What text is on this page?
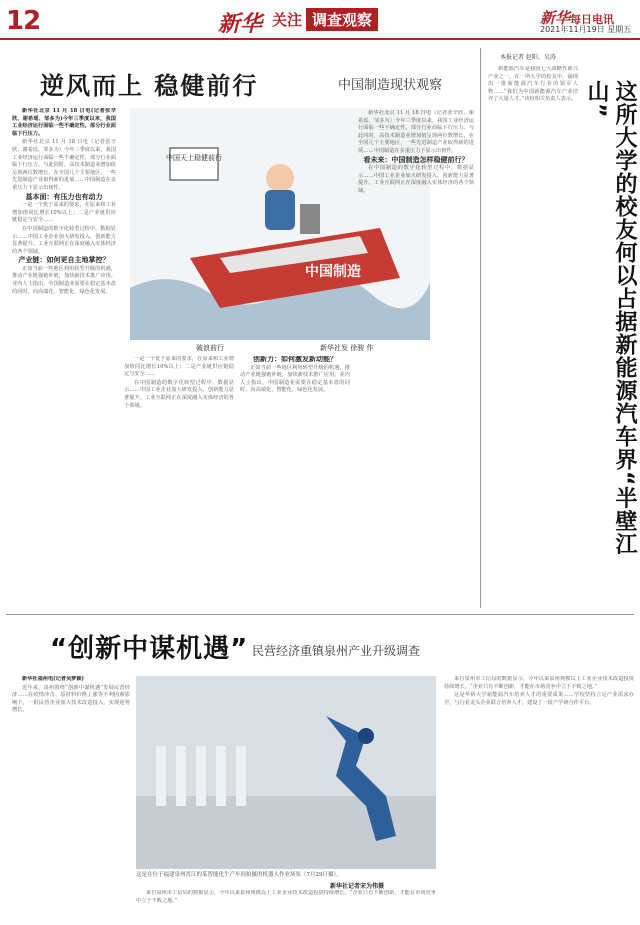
12	新华 关注 调查观察	新华每日电讯
2021年11月19日 星期五
逆风而上 稳健前行	中国制造现状观察

新华社北京 11 月 18 日电(记者张辛欣、谢希瑶、邹多为)今年三季度以来，我国工业经济运行面临一些不确定性，部分行业面临下行压力。

新华社北京 11 月 18 日电（记者张辛欣、谢希瑶、邹多为）今年三季度以来，我国工业经济运行面临一些不确定性，部分行业面临下行压力。与此同时，高技术制造业增加值呈现两位数增长，在全国几个主要地区，一些先进制造产业取得新的进展……中国制造在多重压力下显示出韧性。

基本面：有压力也有动力

一是一个优于原来的要求，在原来和工业增加值同比增长10%以上；二是产业链供应链稳定与安全……

在中国制造的数字化转型过程中，数据显示……中国工业企业加大研发投入，创新能力显著提升。工业互联网正在深度融入实体经济的各个领域。

产业链：如何更自主地掌控？

正如当前一些地区利用转型升级的机遇，推动产业链强链补链，加快新技术推广应用。业内人士指出，中国制造业需要在稳定基本盘的同时，向高端化、智能化、绿色化发展。

中国天上稳健前行
中国制造
破浪前行	新华社发 徐骏 作

一是一个优于原来的要求，在原来和工业增加值同比增长10%以上；二是产业链供应链稳定与安全……

在中国制造的数字化转型过程中，数据显示……中国工业企业加大研发投入，创新能力显著提升。工业互联网正在深度融入实体经济的各个领域。

创新力：如何激发新动能？

正如当前一些地区利用转型升级的机遇，推动产业链强链补链，加快新技术推广应用。业内人士指出，中国制造业需要在稳定基本盘的同时，向高端化、智能化、绿色化发展。

新华社北京 11 月 18 日电（记者张辛欣、谢希瑶、邹多为）今年三季度以来，我国工业经济运行面临一些不确定性，部分行业面临下行压力。与此同时，高技术制造业增加值呈现两位数增长，在全国几个主要地区，一些先进制造产业取得新的进展……中国制造在多重压力下显示出韧性。

看未来：中国制造怎样稳健前行？

在中国制造的数字化转型过程中，数据显示……中国工业企业加大研发投入，创新能力显著提升。工业互联网正在深度融入实体经济的各个领域。

本报记者 赵阳、吴涛
这所大学的校友何以占据新能源汽车界“半壁江山”

新能源汽车是我国七大战略性新兴产业之一。在一所大学的校友中，涌现出一批新能源汽车行业的领军人物……“我们为中国新能源汽车产业培养了大量人才。”该校相关负责人表示。

“创新中谋机遇” 民营经济重镇泉州产业升级调查

新华社福州电(记者吴梦颖)

近年来，泉州围绕“创新中谋机遇”发展民营经济……在疫情冲击、原材料价格上涨等不利因素影响下，一批民营企业加大技术改造投入，实现逆势增长。

这是在位于福建泉州晋江的某智能化生产车间拍摄的机器人作业场景（7月29日摄）。
新华社记者宋为伟摄

来自泉州市工信局的数据显示，今年以来泉州规模以上工业企业技术改造投资持续增长。“企业只有不断创新，才能在市场竞争中立于不败之地。”

来自泉州市工信局的数据显示，今年以来泉州规模以上工业企业技术改造投资持续增长。“企业只有不断创新，才能在市场竞争中立于不败之地。”

这是华侨大学新能源汽车培养人才的重要成果……学校坚持立足产业需求办学，与行业龙头企业联合培养人才，建设了一批产学研合作平台。
